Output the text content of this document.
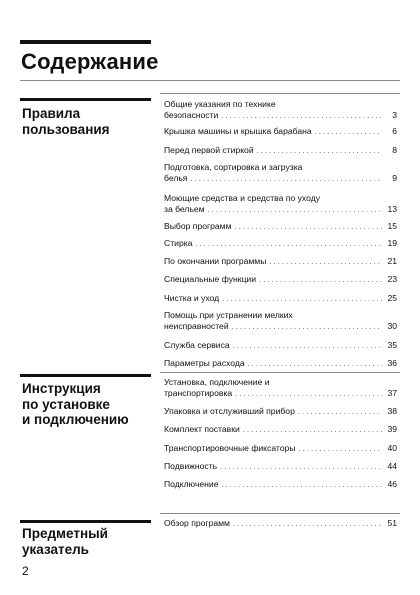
Содержание
Правила
пользования
Общие указания по технике
безопасности . . .	3
Крышка машины и крышка барабана . . .	6
Перед первой стиркой . . .	8
Подготовка, сортировка и загрузка
белья . . .	9
Моющие средства и средства по уходу
за бельем . . .	13
Выбор программ . . .	15
Стирка . . .	19
По окончании программы . . .	21
Специальные функции . . .	23
Чистка и уход . . .	25
Помощь при устранении мелких
неисправностей . . .	30
Служба сервиса . . .	35
Параметры расхода . . .	36
Инструкция
по установке
и подключению
Установка, подключение и
транспортировка . . .	37
Упаковка и отслуживший прибор . . .	38
Комплект поставки . . .	39
Транспортировочные фиксаторы . . .	40
Подвижность . . .	44
Подключение . . .	46
Предметный
указатель
Обзор программ . . .	51
2
